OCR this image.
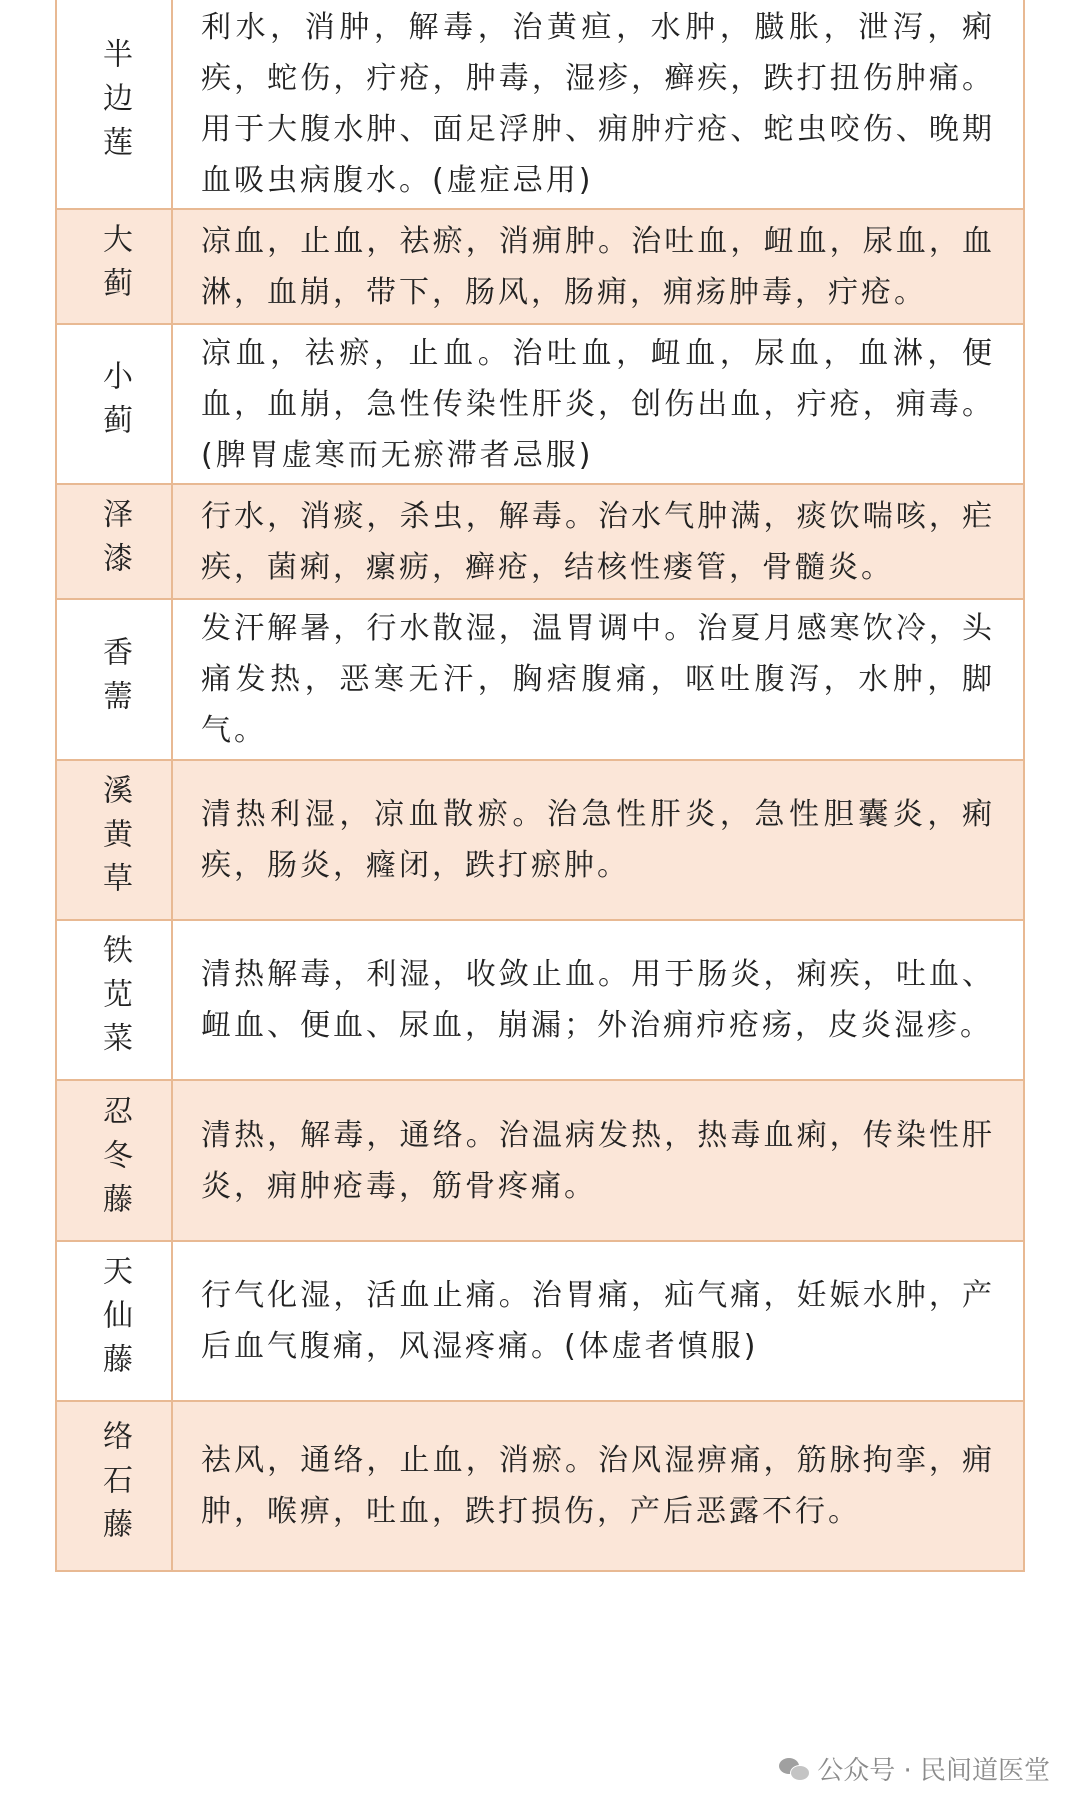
半边莲

利水，消肿，解毒，治黄疸，水肿，臌胀，泄泻，痢疾，蛇伤，疔疮，肿毒，湿疹，癣疾，跌打扭伤肿痛。用于大腹水肿、面足浮肿、痈肿疔疮、蛇虫咬伤、晚期血吸虫病腹水。(虚症忌用)

大蓟 凉血，止血，祛瘀，消痈肿。治吐血，衄血，尿血，血淋，血崩，带下，肠风，肠痈，痈疡肿毒，疔疮。

小蓟

凉血，祛瘀，止血。治吐血，衄血，尿血，血淋，便血，血崩，急性传染性肝炎，创伤出血，疔疮，痈毒。(脾胃虚寒而无瘀滞者忌服)

泽漆 行水，消痰，杀虫，解毒。治水气肿满，痰饮喘咳，疟疾，菌痢，瘰疬，癣疮，结核性瘘管，骨髓炎。

香薷

发汗解暑，行水散湿，温胃调中。治夏月感寒饮冷，头痛发热，恶寒无汗，胸痞腹痛，呕吐腹泻，水肿，脚气。

溪黄草 清热利湿，凉血散瘀。治急性肝炎，急性胆囊炎，痢疾，肠炎，癃闭，跌打瘀肿。

铁苋菜 清热解毒，利湿，收敛止血。用于肠炎，痢疾，吐血、衄血、便血、尿血，崩漏；外治痈疖疮疡，皮炎湿疹。

忍冬藤 清热，解毒，通络。治温病发热，热毒血痢，传染性肝炎，痈肿疮毒，筋骨疼痛。

天仙藤 行气化湿，活血止痛。治胃痛，疝气痛，妊娠水肿，产后血气腹痛，风湿疼痛。(体虚者慎服)

络石藤 祛风，通络，止血，消瘀。治风湿痹痛，筋脉拘挛，痈肿，喉痹，吐血，跌打损伤，产后恶露不行。

公众号 · 民间道医堂
